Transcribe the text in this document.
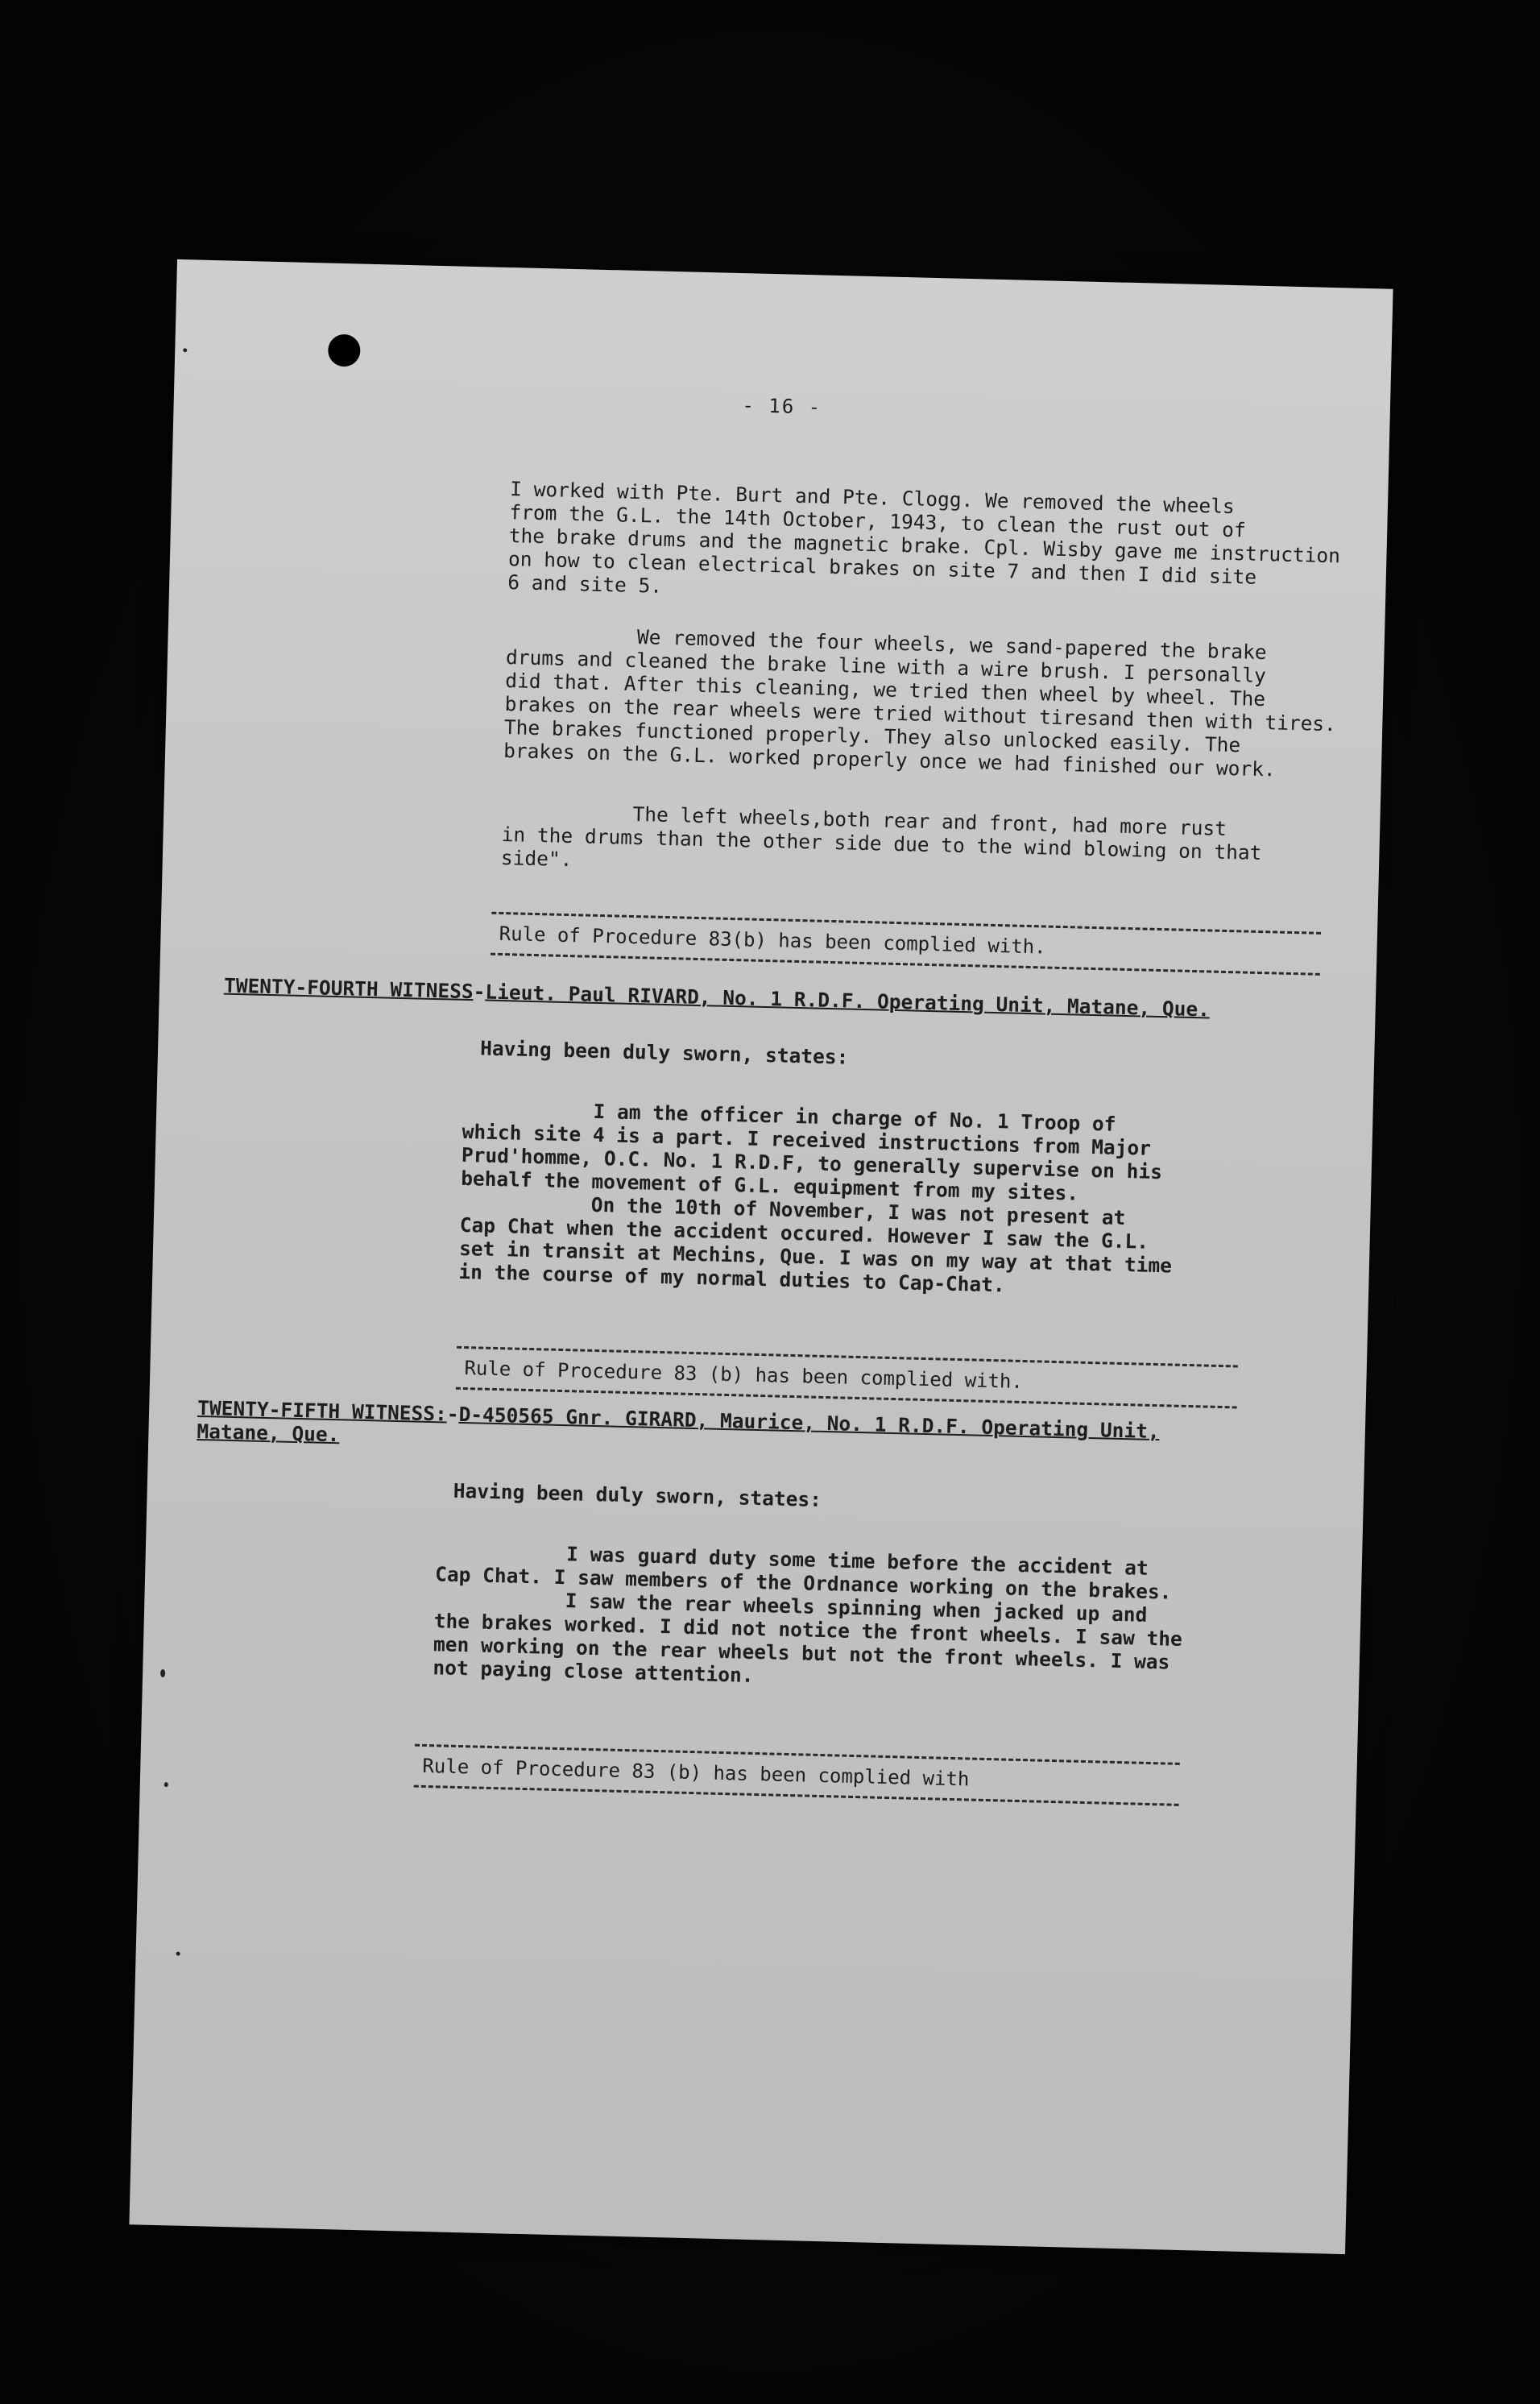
- 16 -

I worked with Pte. Burt and Pte. Clogg. We removed the wheels
from the G.L. the 14th October, 1943, to clean the rust out of
the brake drums and the magnetic brake. Cpl. Wisby gave me instruction
on how to clean electrical brakes on site 7 and then I did site
6 and site 5.

We removed the four wheels, we sand-papered the brake
drums and cleaned the brake line with a wire brush. I personally
did that. After this cleaning, we tried then wheel by wheel. The
brakes on the rear wheels were tried without tiresand then with tires.
The brakes functioned properly. They also unlocked easily. The
brakes on the G.L. worked properly once we had finished our work.

The left wheels,both rear and front, had more rust
in the drums than the other side due to the wind blowing on that
side".

Rule of Procedure 83(b) has been complied with.
TWENTY-FOURTH WITNESS-Lieut. Paul RIVARD, No. 1 R.D.F. Operating Unit, Matane, Que.
Having been duly sworn, states:

I am the officer in charge of No. 1 Troop of
which site 4 is a part. I received instructions from Major
Prud'homme, O.C. No. 1 R.D.F, to generally supervise on his
behalf the movement of G.L. equipment from my sites.
On the 10th of November, I was not present at
Cap Chat when the accident occured. However I saw the G.L.
set in transit at Mechins, Que. I was on my way at that time
in the course of my normal duties to Cap-Chat.

Rule of Procedure 83 (b) has been complied with.
TWENTY-FIFTH WITNESS:-D-450565 Gnr. GIRARD, Maurice, No. 1 R.D.F. Operating Unit,
Matane, Que.
Having been duly sworn, states:

I was guard duty some time before the accident at
Cap Chat. I saw members of the Ordnance working on the brakes.
I saw the rear wheels spinning when jacked up and
the brakes worked. I did not notice the front wheels. I saw the
men working on the rear wheels but not the front wheels. I was
not paying close attention.

Rule of Procedure 83 (b) has been complied with
